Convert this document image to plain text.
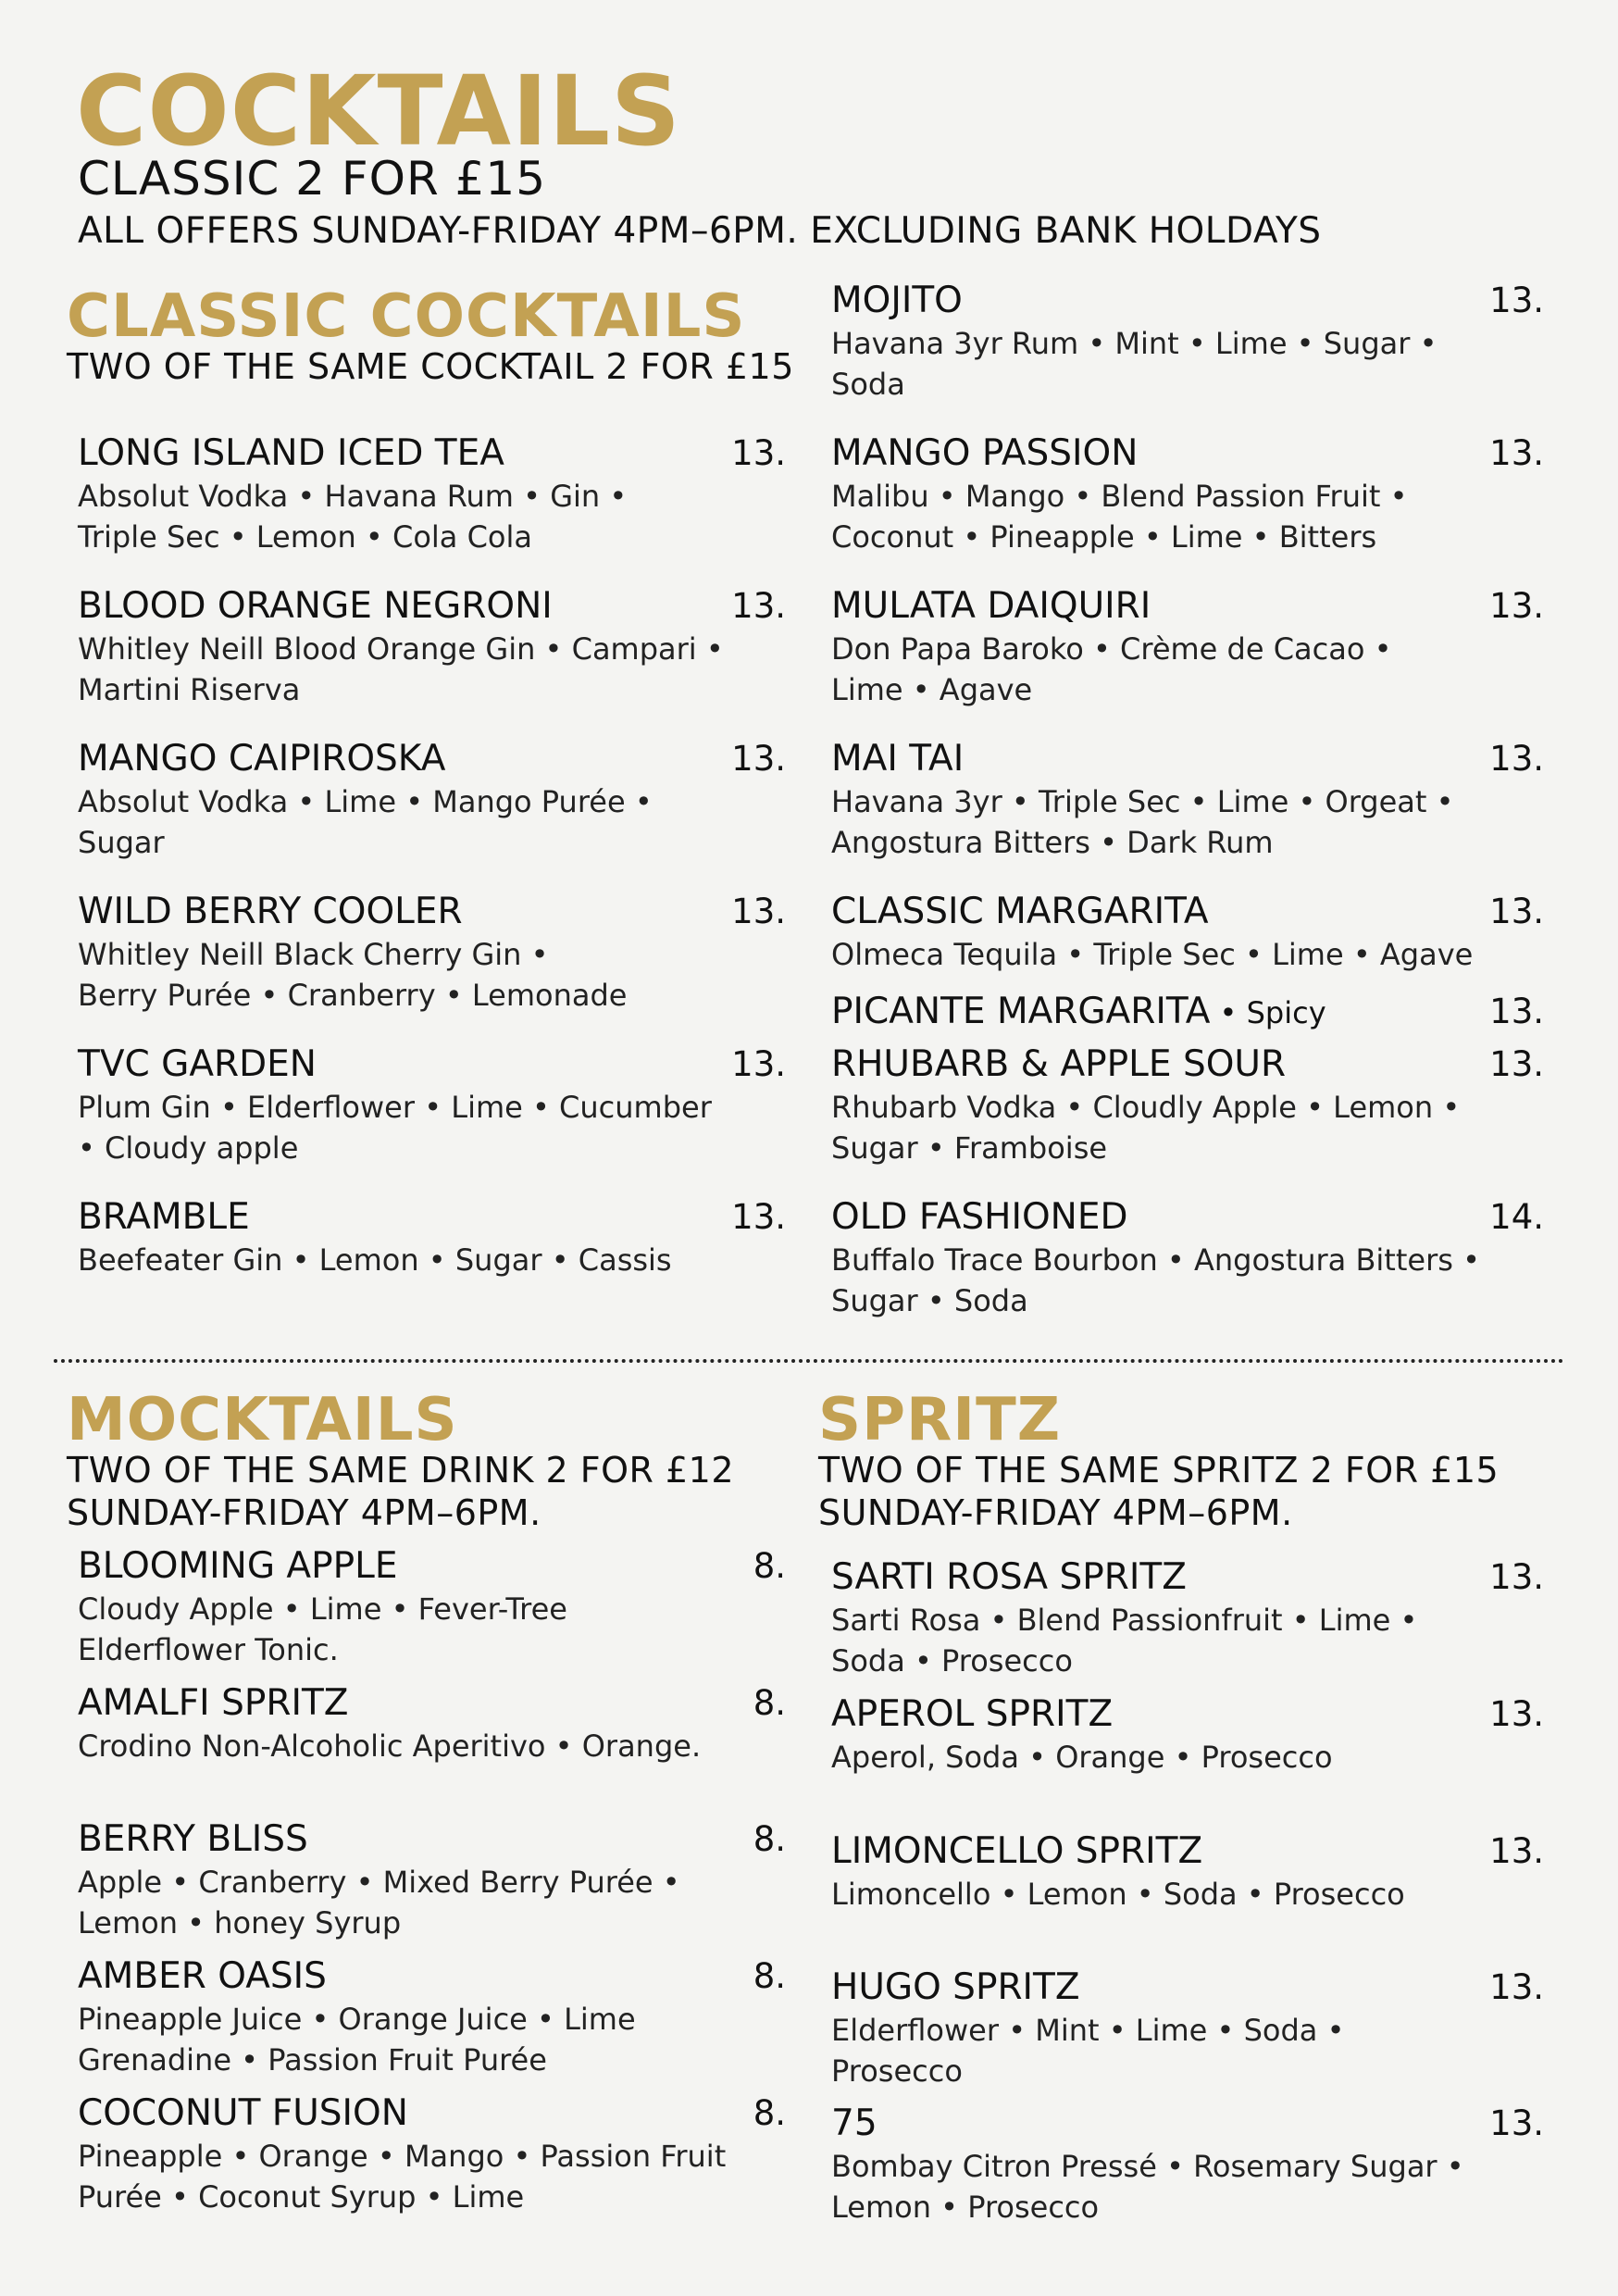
COCKTAILS

CLASSIC 2 FOR £15

ALL OFFERS SUNDAY-FRIDAY 4PM–6PM. EXCLUDING BANK HOLDAYS

CLASSIC COCKTAILS

TWO OF THE SAME COCKTAIL 2 FOR £15

LONG ISLAND ICED TEA	13.
Absolut Vodka • Havana Rum • Gin •
Triple Sec • Lemon • Cola Cola
BLOOD ORANGE NEGRONI	13.
Whitley Neill Blood Orange Gin • Campari •
Martini Riserva
MANGO CAIPIROSKA	13.
Absolut Vodka • Lime • Mango Purée •
Sugar
WILD BERRY COOLER	13.
Whitley Neill Black Cherry Gin •
Berry Purée • Cranberry • Lemonade
TVC GARDEN	13.
Plum Gin • Elderflower • Lime • Cucumber
• Cloudy apple
BRAMBLE	13.
Beefeater Gin • Lemon • Sugar • Cassis
MOJITO	13.
Havana 3yr Rum • Mint • Lime • Sugar •
Soda
MANGO PASSION	13.
Malibu • Mango • Blend Passion Fruit •
Coconut • Pineapple • Lime • Bitters
MULATA DAIQUIRI	13.
Don Papa Baroko • Crème de Cacao •
Lime • Agave
MAI TAI	13.
Havana 3yr • Triple Sec • Lime • Orgeat •
Angostura Bitters • Dark Rum
CLASSIC MARGARITA	13.
Olmeca Tequila • Triple Sec • Lime • Agave
PICANTE MARGARITA • Spicy	13.
RHUBARB & APPLE SOUR	13.
Rhubarb Vodka • Cloudly Apple • Lemon •
Sugar • Framboise
OLD FASHIONED	14.
Buffalo Trace Bourbon • Angostura Bitters •
Sugar • Soda
MOCKTAILS

TWO OF THE SAME DRINK 2 FOR £12

SUNDAY-FRIDAY 4PM–6PM.

BLOOMING APPLE	8.
Cloudy Apple • Lime • Fever-Tree
Elderflower Tonic.
AMALFI SPRITZ	8.
Crodino Non-Alcoholic Aperitivo • Orange.
BERRY BLISS	8.
Apple • Cranberry • Mixed Berry Purée •
Lemon • honey Syrup
AMBER OASIS	8.
Pineapple Juice • Orange Juice • Lime
Grenadine • Passion Fruit Purée
COCONUT FUSION	8.
Pineapple • Orange • Mango • Passion Fruit
Purée • Coconut Syrup • Lime
SPRITZ

TWO OF THE SAME SPRITZ 2 FOR £15

SUNDAY-FRIDAY 4PM–6PM.

SARTI ROSA SPRITZ	13.
Sarti Rosa • Blend Passionfruit • Lime •
Soda • Prosecco
APEROL SPRITZ	13.
Aperol, Soda • Orange • Prosecco
LIMONCELLO SPRITZ	13.
Limoncello • Lemon • Soda • Prosecco
HUGO SPRITZ	13.
Elderflower • Mint • Lime • Soda •
Prosecco
75	13.
Bombay Citron Pressé • Rosemary Sugar •
Lemon • Prosecco
